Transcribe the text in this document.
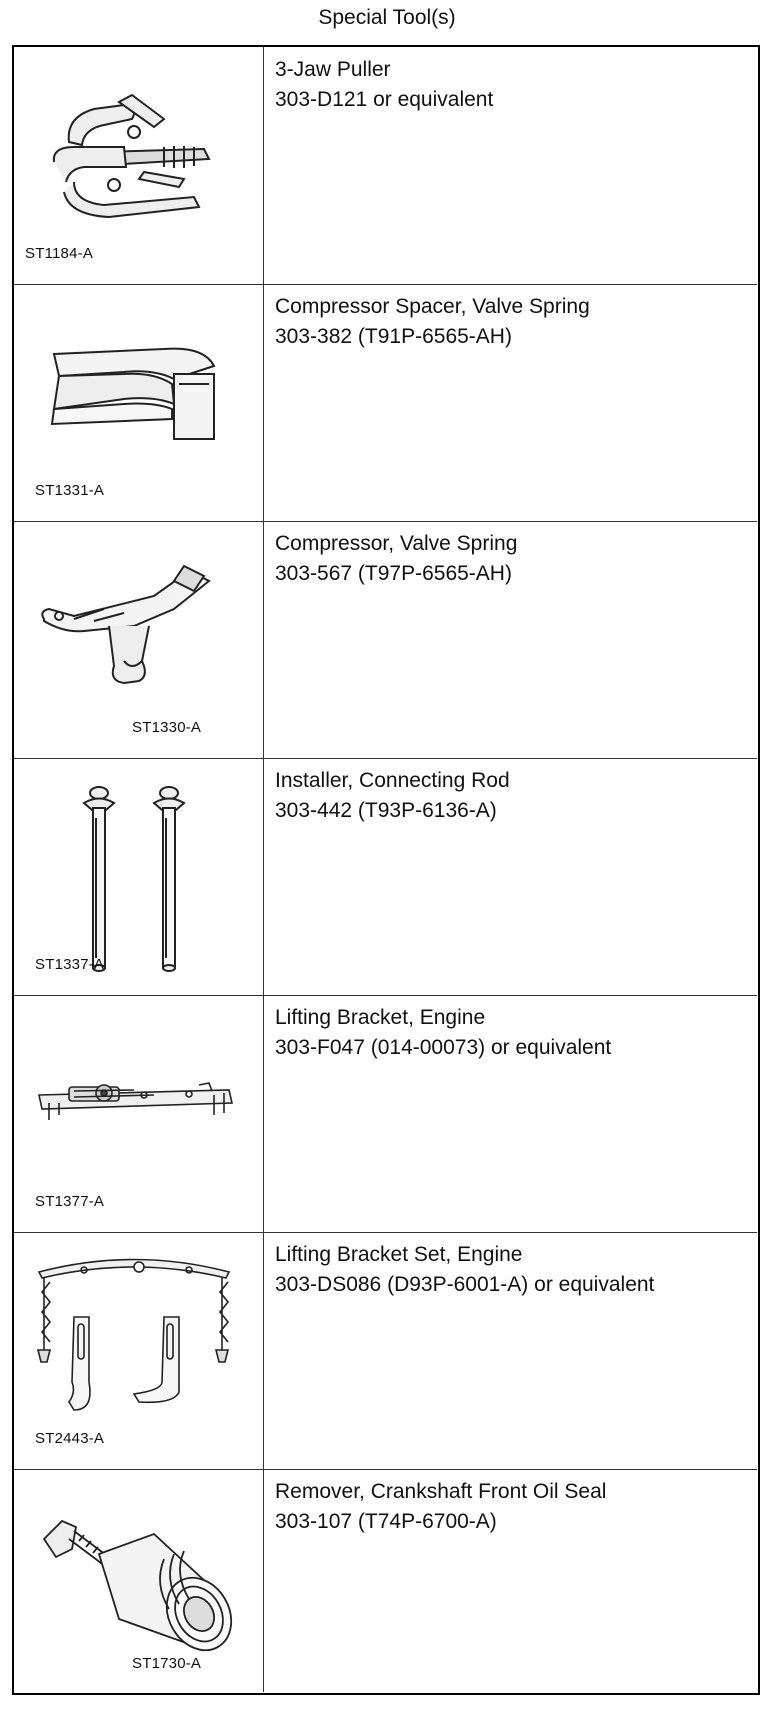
Special Tool(s)
ST1184-A
3-Jaw Puller
303-D121 or equivalent
ST1331-A
Compressor Spacer, Valve Spring
303-382 (T91P-6565-AH)
ST1330-A
Compressor, Valve Spring
303-567 (T97P-6565-AH)
ST1337-A
Installer, Connecting Rod
303-442 (T93P-6136-A)
ST1377-A
Lifting Bracket, Engine
303-F047 (014-00073) or equivalent
ST2443-A
Lifting Bracket Set, Engine
303-DS086 (D93P-6001-A) or equivalent
ST1730-A
Remover, Crankshaft Front Oil Seal
303-107 (T74P-6700-A)
